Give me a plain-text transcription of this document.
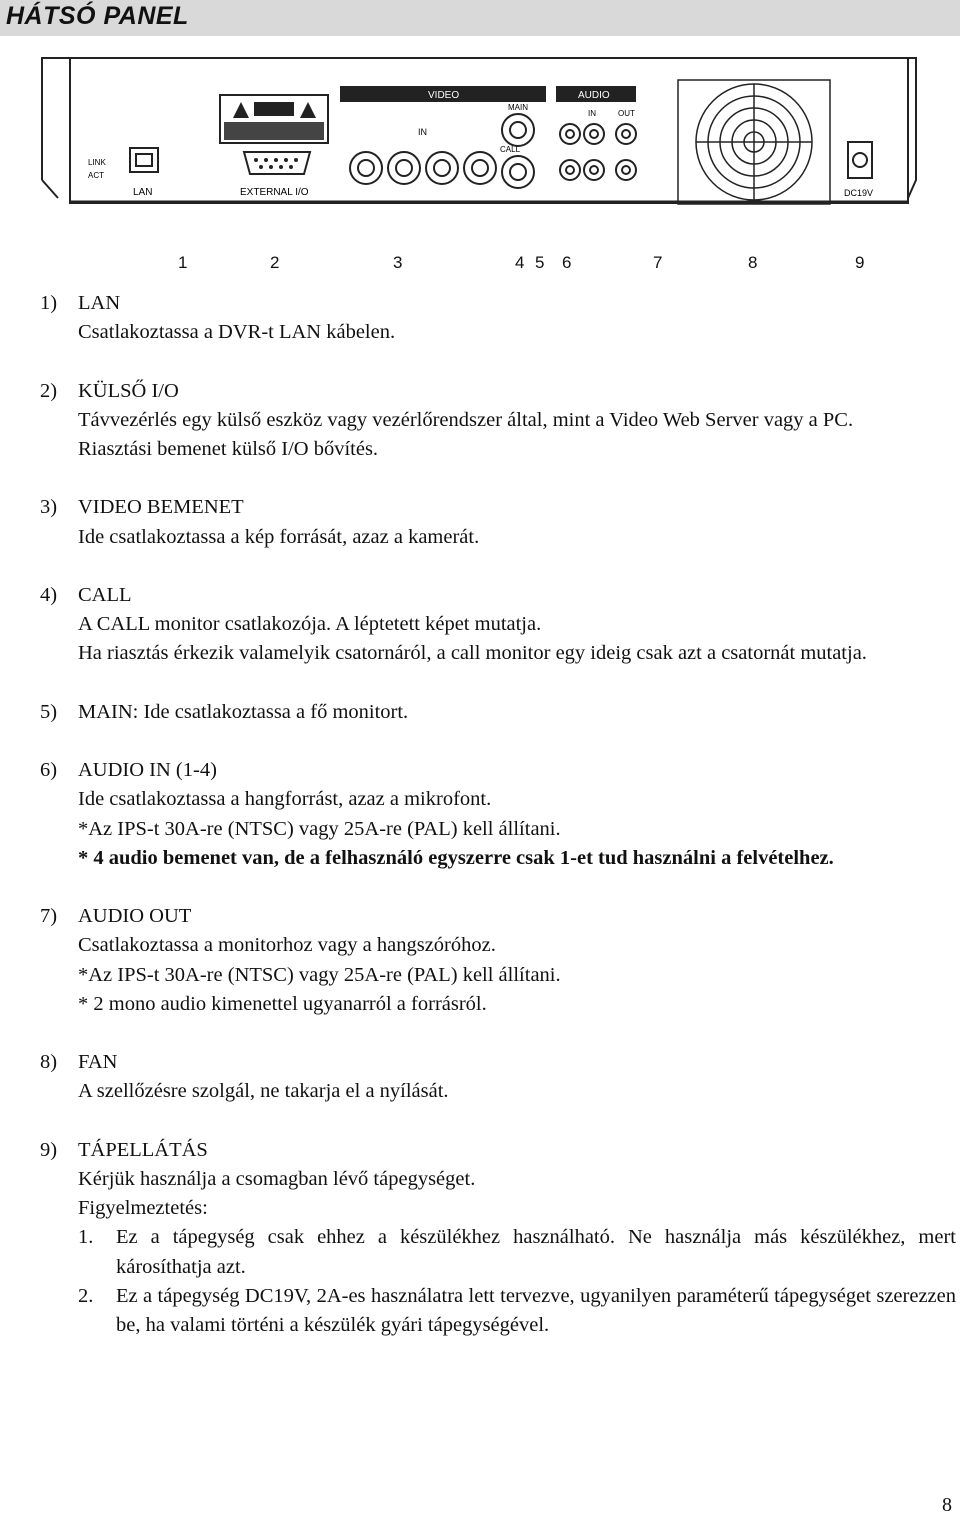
HÁTSÓ PANEL
LINK
ACT
LAN	EXTERNAL I/O
VIDEO
MAIN
IN
CALL
AUDIO
IN	OUT
DC19V
1	2	3	4 5 6	7	8	9
1)	LAN
Csatlakoztassa a DVR-t LAN kábelen.
2)	KÜLSŐ I/O
Távvezérlés egy külső eszköz vagy vezérlőrendszer által, mint a Video Web Server vagy a PC.
Riasztási bemenet külső I/O bővítés.
3)	VIDEO BEMENET
Ide csatlakoztassa a kép forrását, azaz a kamerát.
4)	CALL
A CALL monitor csatlakozója. A léptetett képet mutatja.
Ha riasztás érkezik valamelyik csatornáról, a call monitor egy ideig csak azt a csatornát mutatja.
5)	MAIN: Ide csatlakoztassa a fő monitort.
6)	AUDIO IN (1-4)
Ide csatlakoztassa a hangforrást, azaz a mikrofont.
*Az IPS-t 30A-re (NTSC) vagy 25A-re (PAL) kell állítani.
* 4 audio bemenet van, de a felhasználó egyszerre csak 1-et tud használni a felvételhez.
7)	AUDIO OUT
Csatlakoztassa a monitorhoz vagy a hangszóróhoz.
*Az IPS-t 30A-re (NTSC) vagy 25A-re (PAL) kell állítani.
* 2 mono audio kimenettel ugyanarról a forrásról.
8)	FAN
A szellőzésre szolgál, ne takarja el a nyílását.
9)	TÁPELLÁTÁS
Kérjük használja a csomagban lévő tápegységet.
Figyelmeztetés:
1.	Ez a tápegység csak ehhez a készülékhez használható. Ne használja más készülékhez, mert károsíthatja azt.
2.	Ez a tápegység DC19V, 2A-es használatra lett tervezve, ugyanilyen paraméterű tápegységet szerezzen be, ha valami történi a készülék gyári tápegységével.
8
